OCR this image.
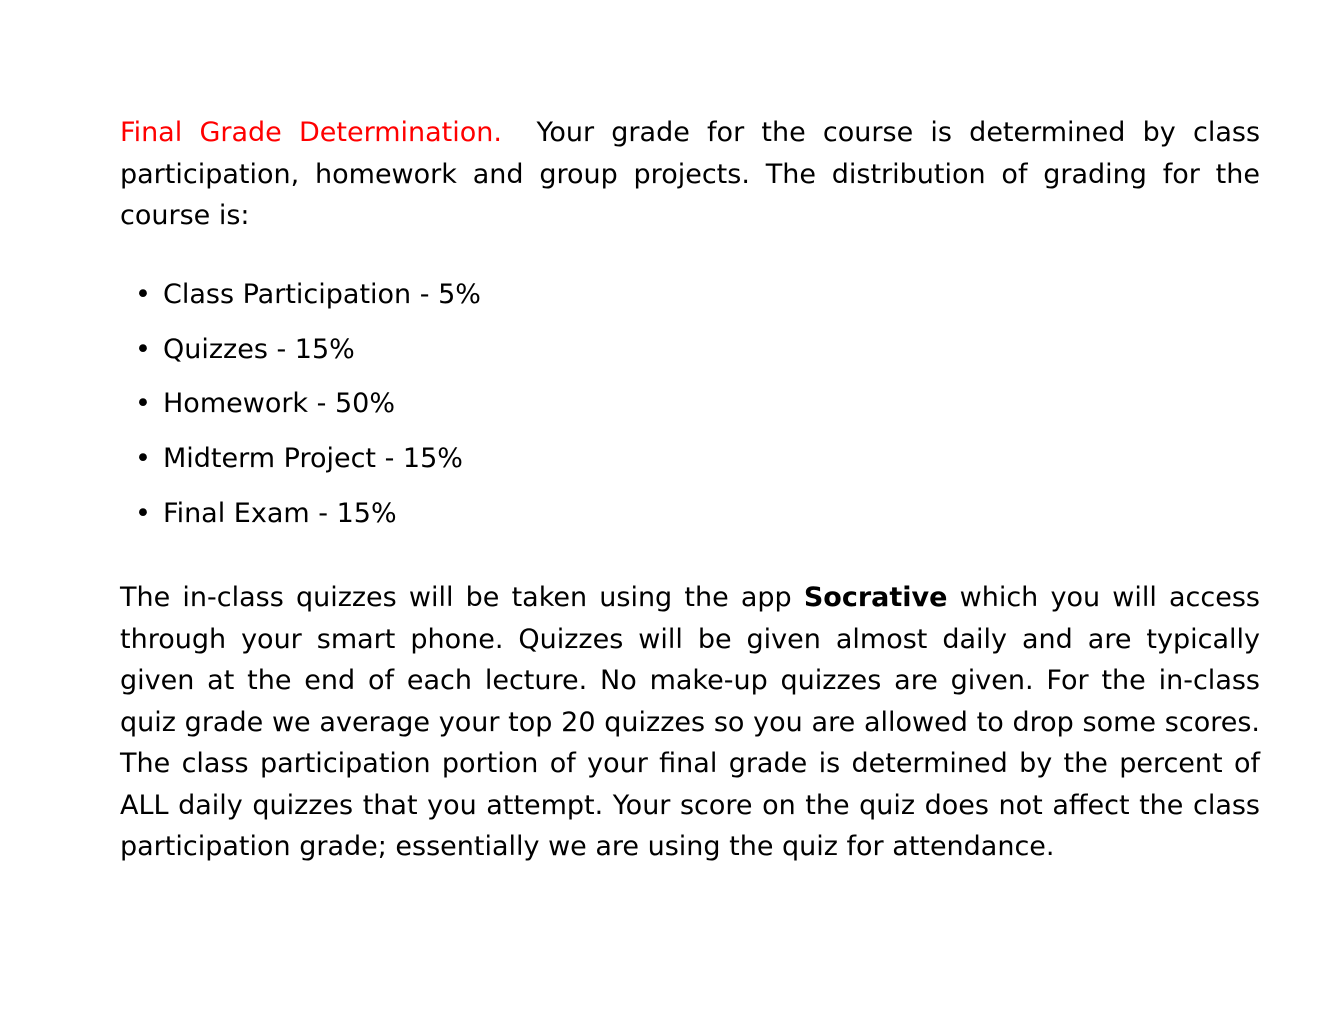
Final Grade Determination. Your grade for the course is determined by class participation, homework and group projects. The distribution of grading for the course is:
• Class Participation - 5%
• Quizzes - 15%
• Homework - 50%
• Midterm Project - 15%
• Final Exam - 15%
The in-class quizzes will be taken using the app Socrative which you will access through your smart phone. Quizzes will be given almost daily and are typically given at the end of each lecture. No make-up quizzes are given. For the in-class quiz grade we average your top 20 quizzes so you are allowed to drop some scores. The class participation portion of your final grade is determined by the percent of ALL daily quizzes that you attempt. Your score on the quiz does not affect the class participation grade; essentially we are using the quiz for attendance.
